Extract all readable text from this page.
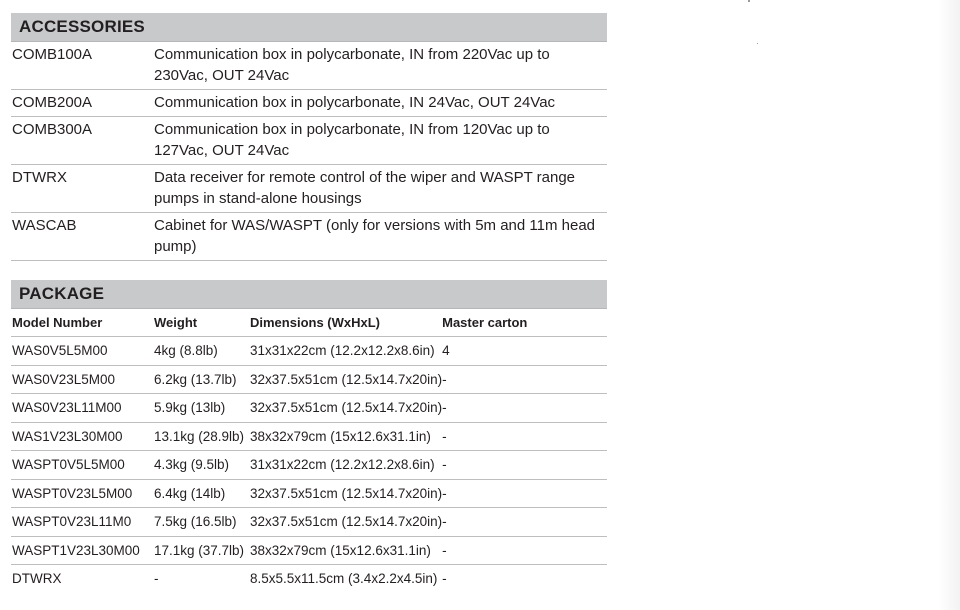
ACCESSORIES
COMB100A	Communication box in polycarbonate, IN from 220Vac up to 230Vac, OUT 24Vac
COMB200A	Communication box in polycarbonate, IN 24Vac, OUT 24Vac
COMB300A	Communication box in polycarbonate, IN from 120Vac up to 127Vac, OUT 24Vac
DTWRX	Data receiver for remote control of the wiper and WASPT range pumps in stand-alone housings
WASCAB	Cabinet for WAS/WASPT (only for versions with 5m and 11m head pump)
PACKAGE
Model Number	Weight	Dimensions (WxHxL)	Master carton
WAS0V5L5M00	4kg (8.8lb)	31x31x22cm (12.2x12.2x8.6in)	4
WAS0V23L5M00	6.2kg (13.7lb)	32x37.5x51cm (12.5x14.7x20in)	-
WAS0V23L11M00	5.9kg (13lb)	32x37.5x51cm (12.5x14.7x20in)	-
WAS1V23L30M00	13.1kg (28.9lb)	38x32x79cm (15x12.6x31.1in)	-
WASPT0V5L5M00	4.3kg (9.5lb)	31x31x22cm (12.2x12.2x8.6in)	-
WASPT0V23L5M00	6.4kg (14lb)	32x37.5x51cm (12.5x14.7x20in)	-
WASPT0V23L11M0	7.5kg (16.5lb)	32x37.5x51cm (12.5x14.7x20in)	-
WASPT1V23L30M00	17.1kg (37.7lb)	38x32x79cm (15x12.6x31.1in)	-
DTWRX	-	8.5x5.5x11.5cm (3.4x2.2x4.5in)	-
